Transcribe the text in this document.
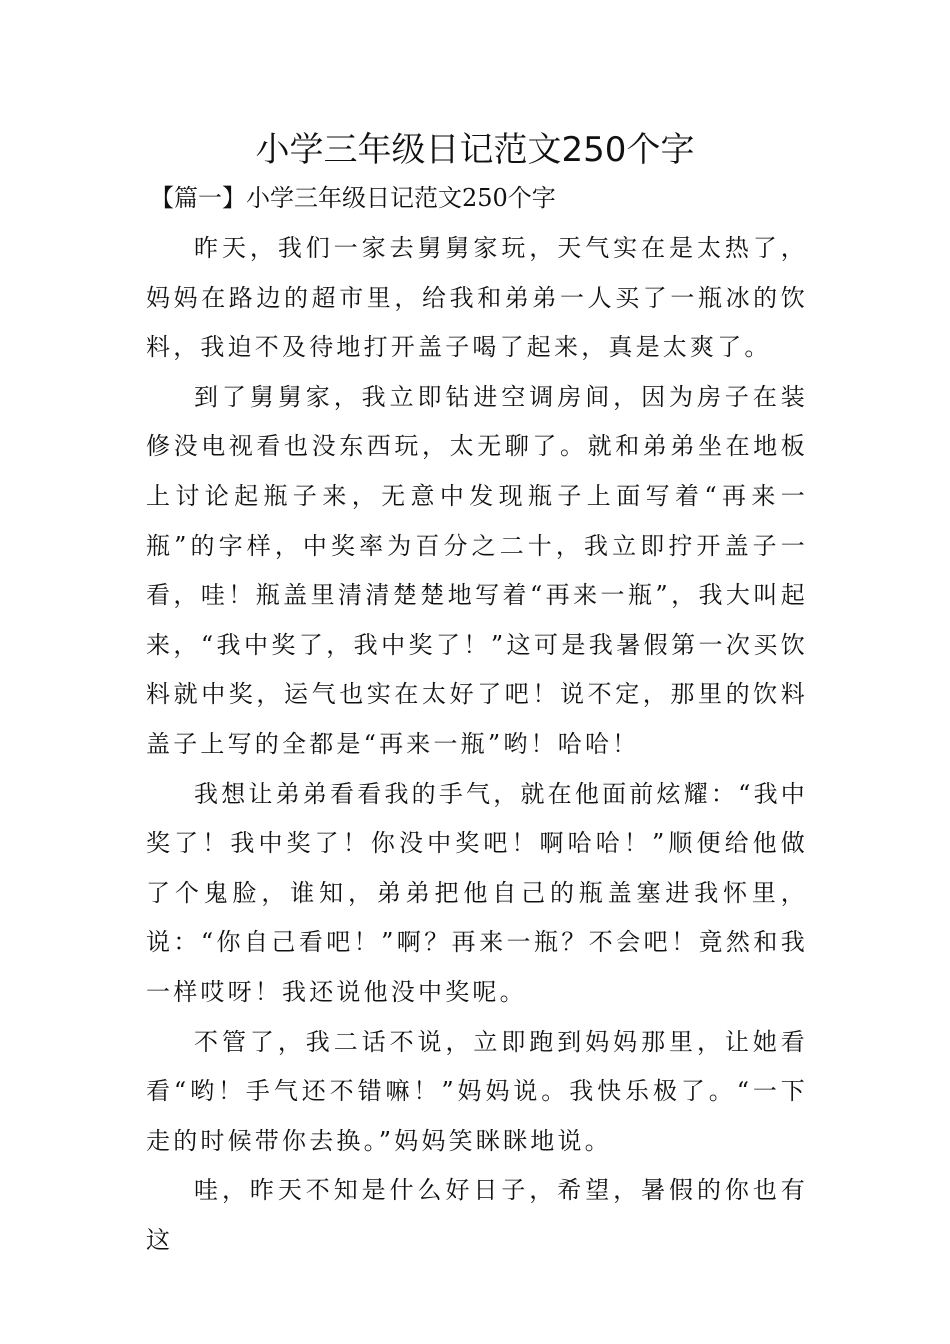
小学三年级日记范文250个字
【篇一】小学三年级日记范文250个字

昨天，我们一家去舅舅家玩，天气实在是太热了，妈妈在路边的超市里，给我和弟弟一人买了一瓶冰的饮料，我迫不及待地打开盖子喝了起来，真是太爽了。

到了舅舅家，我立即钻进空调房间，因为房子在装修没电视看也没东西玩，太无聊了。就和弟弟坐在地板上讨论起瓶子来，无意中发现瓶子上面写着“再来一瓶”的字样，中奖率为百分之二十，我立即拧开盖子一看，哇！瓶盖里清清楚楚地写着“再来一瓶”，我大叫起来，“我中奖了，我中奖了！”这可是我暑假第一次买饮料就中奖，运气也实在太好了吧！说不定，那里的饮料盖子上写的全都是“再来一瓶”哟！哈哈！

我想让弟弟看看我的手气，就在他面前炫耀：“我中奖了！我中奖了！你没中奖吧！啊哈哈！”顺便给他做了个鬼脸，谁知，弟弟把他自己的瓶盖塞进我怀里，说：“你自己看吧！”啊？再来一瓶？不会吧！竟然和我一样哎呀！我还说他没中奖呢。

不管了，我二话不说，立即跑到妈妈那里，让她看看“哟！手气还不错嘛！”妈妈说。我快乐极了。“一下走的时候带你去换。”妈妈笑眯眯地说。

哇，昨天不知是什么好日子，希望，暑假的你也有这
